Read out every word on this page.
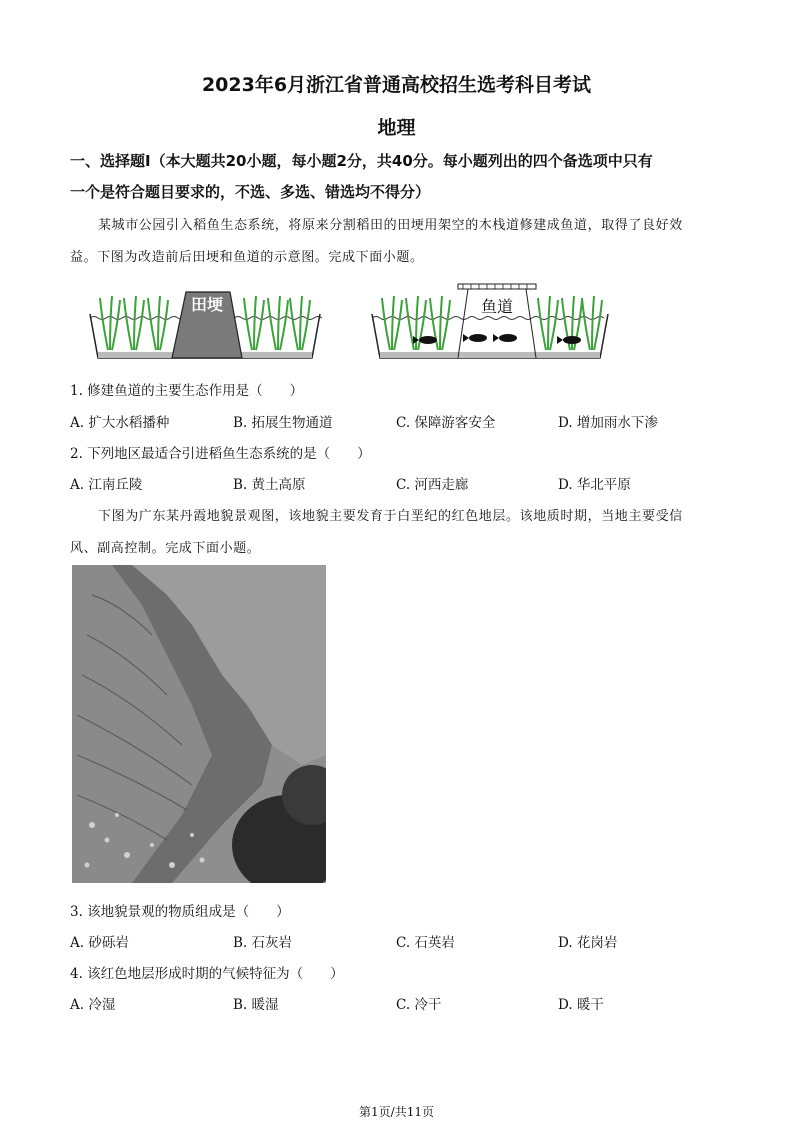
2023年6月浙江省普通高校招生选考科目考试
地理
一、选择题Ⅰ（本大题共20小题，每小题2分，共40分。每小题列出的四个备选项中只有
一个是符合题目要求的，不选、多选、错选均不得分）
某城市公园引入稻鱼生态系统，将原来分割稻田的田埂用架空的木栈道修建成鱼道，取得了良好效
益。下图为改造前后田埂和鱼道的示意图。完成下面小题。
田埂	鱼道
1. 修建鱼道的主要生态作用是（　　）
A. 扩大水稻播种	B. 拓展生物通道	C. 保障游客安全	D. 增加雨水下渗
2. 下列地区最适合引进稻鱼生态系统的是（　　）
A. 江南丘陵	B. 黄土高原	C. 河西走廊	D. 华北平原
下图为广东某丹霞地貌景观图，该地貌主要发育于白垩纪的红色地层。该地质时期，当地主要受信
风、副高控制。完成下面小题。
3. 该地貌景观的物质组成是（　　）
A. 砂砾岩	B. 石灰岩	C. 石英岩	D. 花岗岩
4. 该红色地层形成时期的气候特征为（　　）
A. 冷湿	B. 暖湿	C. 冷干	D. 暖干
第1页/共11页
